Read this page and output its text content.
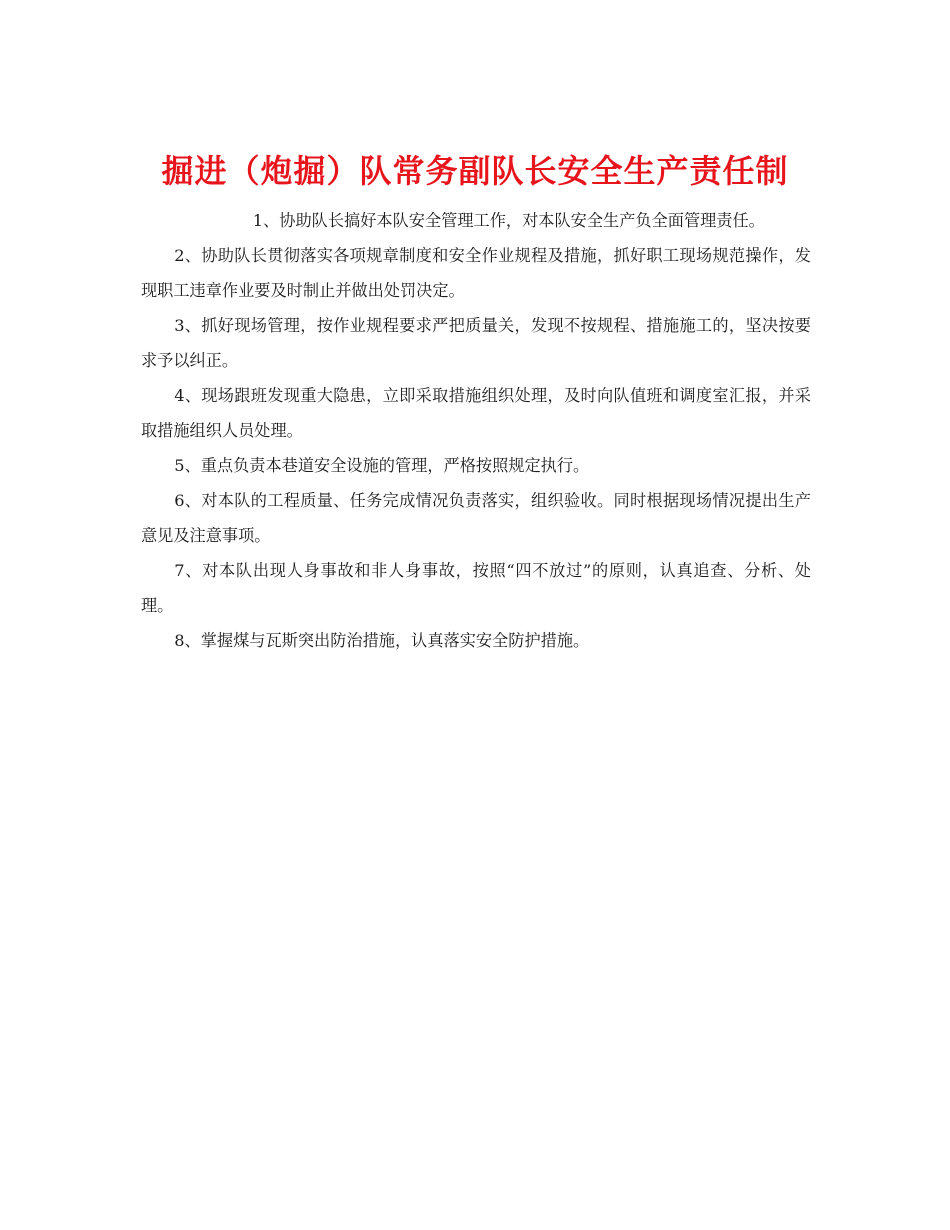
掘进（炮掘）队常务副队长安全生产责任制

1、协助队长搞好本队安全管理工作，对本队安全生产负全面管理责任。

2、协助队长贯彻落实各项规章制度和安全作业规程及措施，抓好职工现场规范操作，发现职工违章作业要及时制止并做出处罚决定。

3、抓好现场管理，按作业规程要求严把质量关，发现不按规程、措施施工的，坚决按要求予以纠正。

4、现场跟班发现重大隐患，立即采取措施组织处理，及时向队值班和调度室汇报，并采取措施组织人员处理。

5、重点负责本巷道安全设施的管理，严格按照规定执行。

6、对本队的工程质量、任务完成情况负责落实，组织验收。同时根据现场情况提出生产意见及注意事项。

7、对本队出现人身事故和非人身事故，按照“四不放过”的原则，认真追查、分析、处理。

8、掌握煤与瓦斯突出防治措施，认真落实安全防护措施。
